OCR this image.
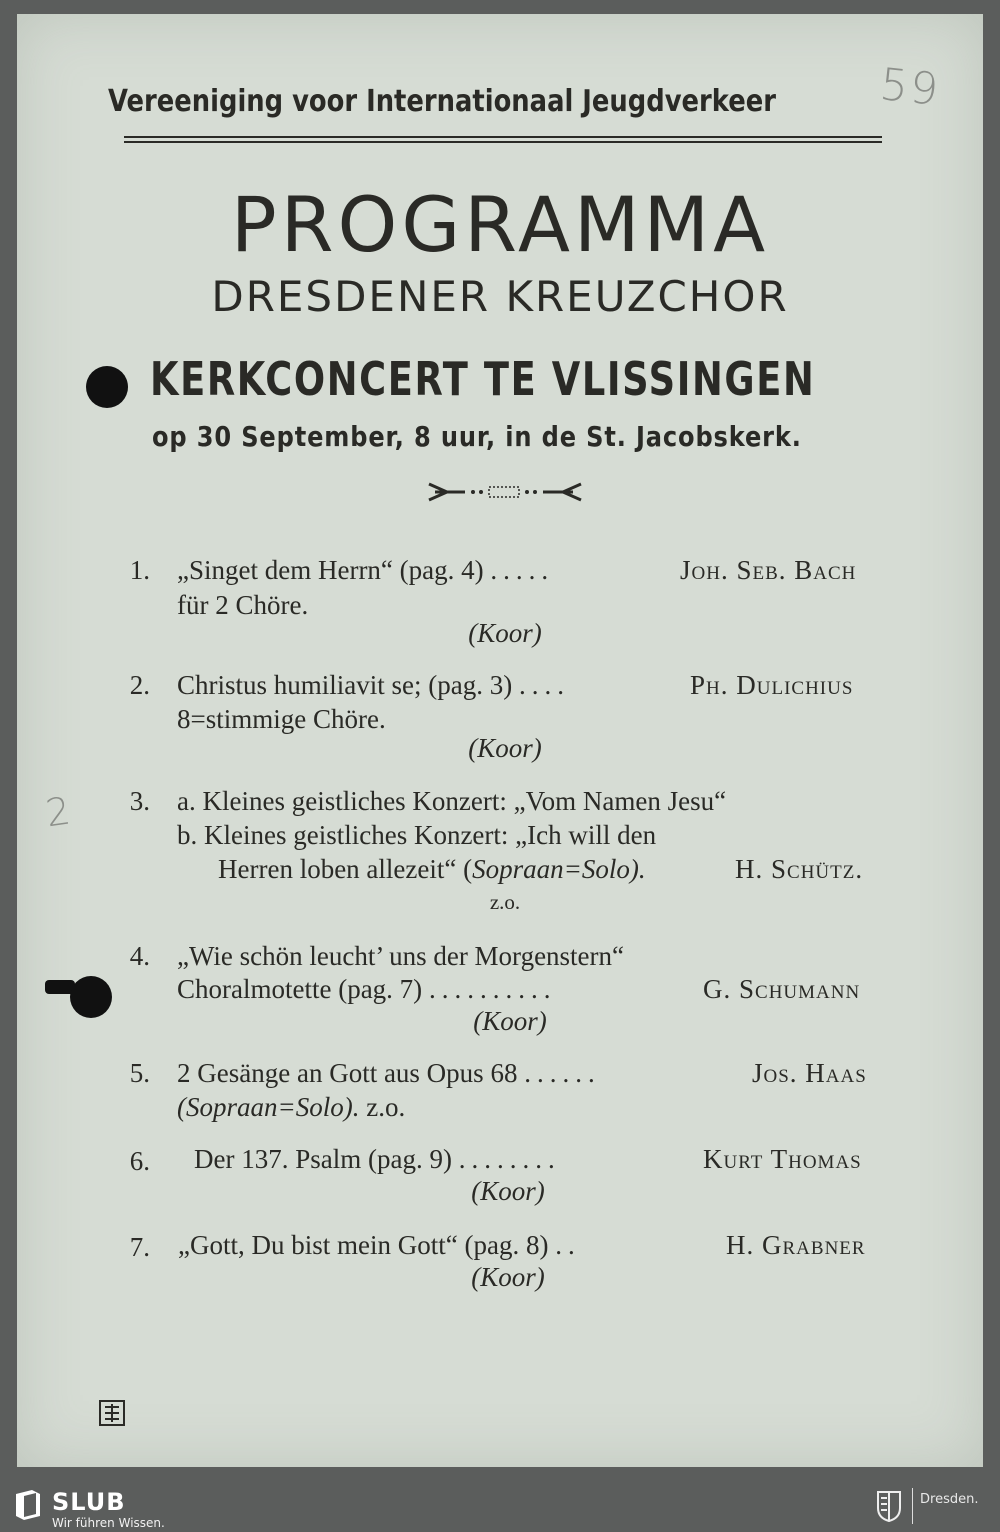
59
2
Vereeniging voor Internationaal Jeugdverkeer
PROGRAMMA
DRESDENER KREUZCHOR
KERKCONCERT TE VLISSINGEN
op 30 September, 8 uur, in de St. Jacobskerk.
1. „Singet dem Herrn“ (pag. 4) .....	Joh. Seb. Bach
für 2 Chöre.
(Koor)
2. Christus humiliavit se; (pag. 3) ....	Ph. Dulichius
8=stimmige Chöre.
(Koor)
3. a. Kleines geistliches Konzert: „Vom Namen Jesu“
b. Kleines geistliches Konzert: „Ich will den
Herren loben allezeit“ (Sopraan=Solo).	H. Schütz.
z.o.
4. „Wie schön leucht’ uns der Morgenstern“
Choralmotette (pag. 7) ..........	G. Schumann
(Koor)
5. 2 Gesänge an Gott aus Opus 68 ......	Jos. Haas
(Sopraan=Solo). z.o.
6. Der 137. Psalm (pag. 9) ........	Kurt Thomas
(Koor)
7. „Gott, Du bist mein Gott“ (pag. 8) ..	H. Grabner
(Koor)
SLUB
Wir führen Wissen.
Dresden.
